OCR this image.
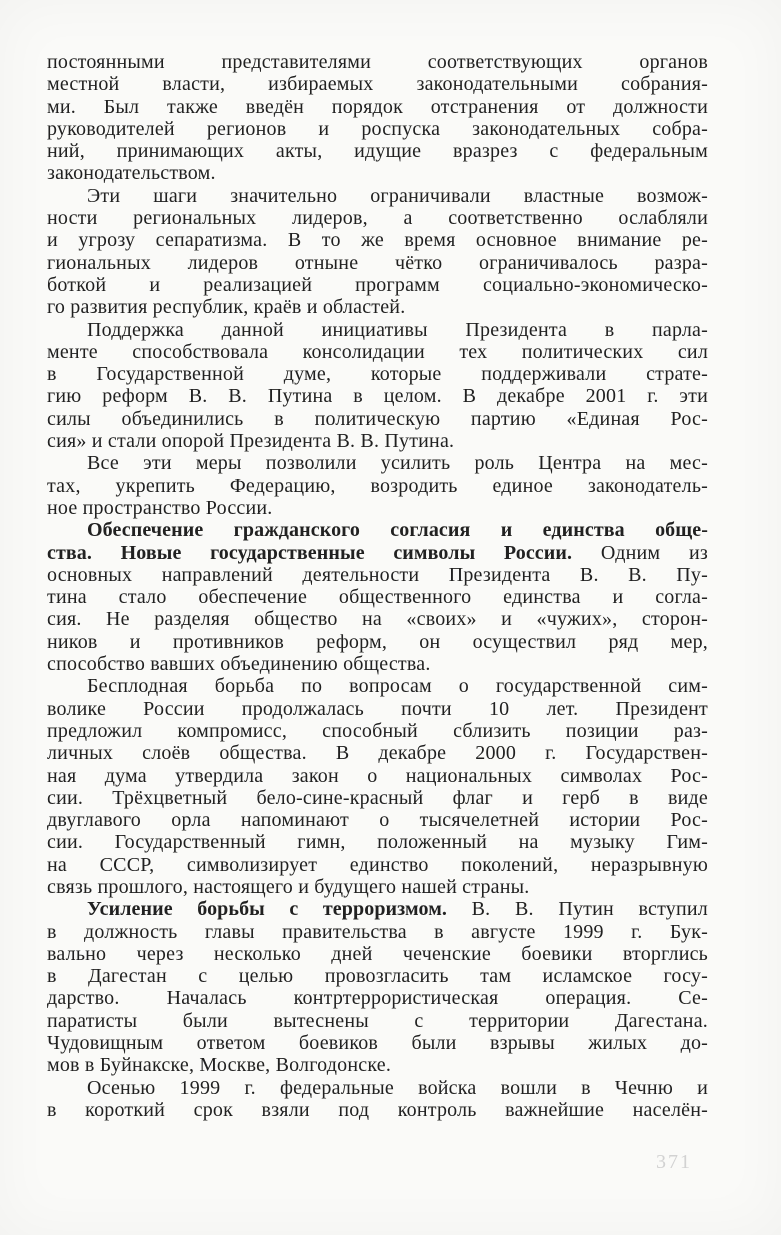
постоянными представителями соответствующих органов
местной власти, избираемых законодательными собрания-
ми. Был также введён порядок отстранения от должности
руководителей регионов и роспуска законодательных собра-
ний, принимающих акты, идущие вразрез с федеральным
законодательством.
Эти шаги значительно ограничивали властные возмож-
ности региональных лидеров, а соответственно ослабляли
и угрозу сепаратизма. В то же время основное внимание ре-
гиональных лидеров отныне чётко ограничивалось разра-
боткой и реализацией программ социально-экономическо-
го развития республик, краёв и областей.
Поддержка данной инициативы Президента в парла-
менте способствовала консолидации тех политических сил
в Государственной думе, которые поддерживали страте-
гию реформ В. В. Путина в целом. В декабре 2001 г. эти
силы объединились в политическую партию «Единая Рос-
сия» и стали опорой Президента В. В. Путина.
Все эти меры позволили усилить роль Центра на мес-
тах, укрепить Федерацию, возродить единое законодатель-
ное пространство России.
Обеспечение гражданского согласия и единства обще-
ства. Новые государственные символы России. Одним из
основных направлений деятельности Президента В. В. Пу-
тина стало обеспечение общественного единства и согла-
сия. Не разделяя общество на «своих» и «чужих», сторон-
ников и противников реформ, он осуществил ряд мер,
способство вавших объединению общества.
Бесплодная борьба по вопросам о государственной сим-
волике России продолжалась почти 10 лет. Президент
предложил компромисс, способный сблизить позиции раз-
личных слоёв общества. В декабре 2000 г. Государствен-
ная дума утвердила закон о национальных символах Рос-
сии. Трёхцветный бело-сине-красный флаг и герб в виде
двуглавого орла напоминают о тысячелетней истории Рос-
сии. Государственный гимн, положенный на музыку Гим-
на СССР, символизирует единство поколений, неразрывную
связь прошлого, настоящего и будущего нашей страны.
Усиление борьбы с терроризмом. В. В. Путин вступил
в должность главы правительства в августе 1999 г. Бук-
вально через несколько дней чеченские боевики вторглись
в Дагестан с целью провозгласить там исламское госу-
дарство. Началась контртеррористическая операция. Се-
паратисты были вытеснены с территории Дагестана.
Чудовищным ответом боевиков были взрывы жилых до-
мов в Буйнакске, Москве, Волгодонске.
Осенью 1999 г. федеральные войска вошли в Чечню и
в короткий срок взяли под контроль важнейшие населён-
371
